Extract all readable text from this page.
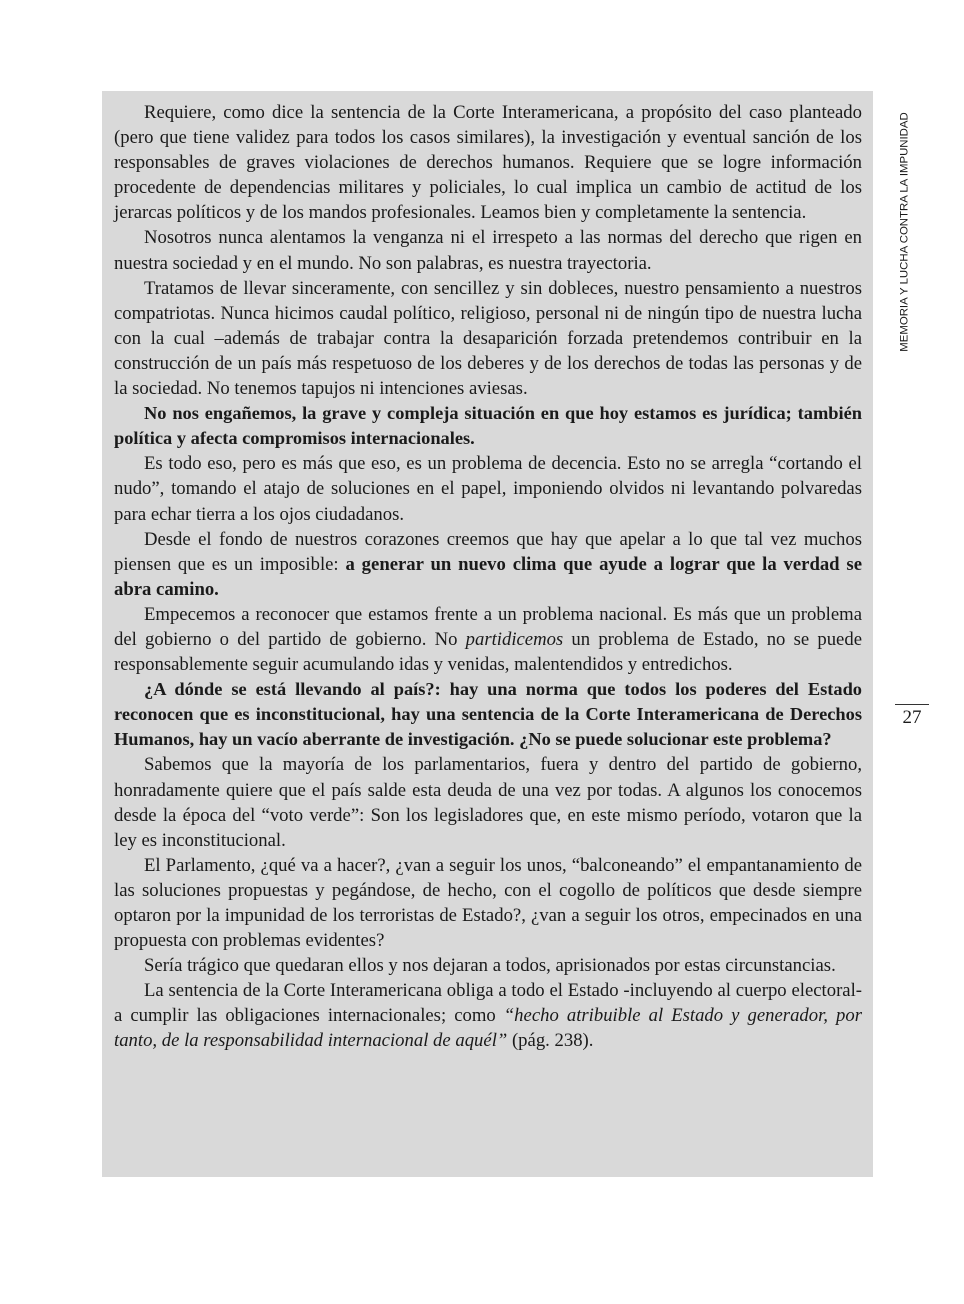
Requiere, como dice la sentencia de la Corte Interamericana, a propósito del caso planteado (pero que tiene validez para todos los casos similares), la investigación y eventual sanción de los responsables de graves violaciones de derechos humanos. Requiere que se logre información procedente de dependencias militares y policiales, lo cual implica un cambio de actitud de los jerarcas políticos y de los mandos profesionales. Leamos bien y completamente la sentencia.

Nosotros nunca alentamos la venganza ni el irrespeto a las normas del derecho que rigen en nuestra sociedad y en el mundo. No son palabras, es nuestra trayectoria.

Tratamos de llevar sinceramente, con sencillez y sin dobleces, nuestro pensamiento a nuestros compatriotas. Nunca hicimos caudal político, religioso, personal ni de ningún tipo de nuestra lucha con la cual –además de trabajar contra la desaparición forzada pretendemos contribuir en la construcción de un país más respetuoso de los deberes y de los derechos de todas las personas y de la sociedad. No tenemos tapujos ni intenciones aviesas.

No nos engañemos, la grave y compleja situación en que hoy estamos es jurídica; también política y afecta compromisos internacionales.

Es todo eso, pero es más que eso, es un problema de decencia. Esto no se arregla “cortando el nudo”, tomando el atajo de soluciones en el papel, imponiendo olvidos ni levantando polvaredas para echar tierra a los ojos ciudadanos.

Desde el fondo de nuestros corazones creemos que hay que apelar a lo que tal vez muchos piensen que es un imposible: a generar un nuevo clima que ayude a lograr que la verdad se abra camino.

Empecemos a reconocer que estamos frente a un problema nacional. Es más que un problema del gobierno o del partido de gobierno. No partidicemos un problema de Estado, no se puede responsablemente seguir acumulando idas y venidas, malentendidos y entredichos.

¿A dónde se está llevando al país?: hay una norma que todos los poderes del Estado reconocen que es inconstitucional, hay una sentencia de la Corte Interamericana de Derechos Humanos, hay un vacío aberrante de investigación. ¿No se puede solucionar este problema?

Sabemos que la mayoría de los parlamentarios, fuera y dentro del partido de gobierno, honradamente quiere que el país salde esta deuda de una vez por todas. A algunos los conocemos desde la época del “voto verde”: Son los legisladores que, en este mismo período, votaron que la ley es inconstitucional.

El Parlamento, ¿qué va a hacer?, ¿van a seguir los unos, “balconeando” el empantanamiento de las soluciones propuestas y pegándose, de hecho, con el cogollo de políticos que desde siempre optaron por la impunidad de los terroristas de Estado?, ¿van a seguir los otros, empecinados en una propuesta con problemas evidentes?

Sería trágico que quedaran ellos y nos dejaran a todos, aprisionados por estas circunstancias.

La sentencia de la Corte Interamericana obliga a todo el Estado -incluyendo al cuerpo electoral- a cumplir las obligaciones internacionales; como “hecho atribuible al Estado y generador, por tanto, de la responsabilidad internacional de aquél” (pág. 238).

MEMORIA Y LUCHA CONTRA LA IMPUNIDAD
27
